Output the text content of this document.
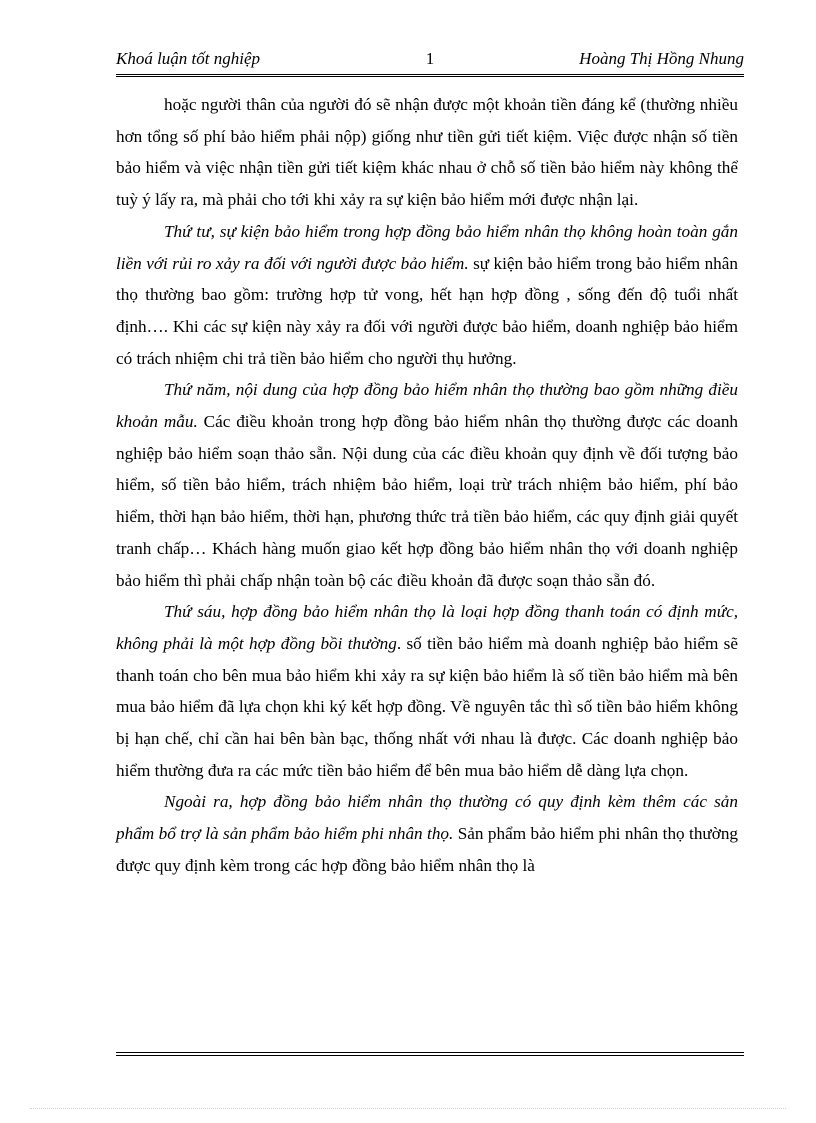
Khoá luận tốt nghiệp	1	Hoàng Thị Hồng Nhung

hoặc người thân của người đó sẽ nhận được một khoản tiền đáng kể (thường nhiều hơn tổng số phí bảo hiểm phải nộp) giống như tiền gửi tiết kiệm. Việc được nhận số tiền bảo hiểm và việc nhận tiền gửi tiết kiệm khác nhau ở chỗ số tiền bảo hiểm này không thể tuỳ ý lấy ra, mà phải cho tới khi xảy ra sự kiện bảo hiểm mới được nhận lại.

Thứ tư, sự kiện bảo hiểm trong hợp đồng bảo hiểm nhân thọ không hoàn toàn gắn liền với rủi ro xảy ra đối với người được bảo hiểm. sự kiện bảo hiểm trong bảo hiểm nhân thọ thường bao gồm: trường hợp tử vong, hết hạn hợp đồng , sống đến độ tuổi nhất định…. Khi các sự kiện này xảy ra đối với người được bảo hiểm, doanh nghiệp bảo hiểm có trách nhiệm chi trả tiền bảo hiểm cho người thụ hưởng.

Thứ năm, nội dung của hợp đồng bảo hiểm nhân thọ thường bao gồm những điều khoản mẫu. Các điều khoản trong hợp đồng bảo hiểm nhân thọ thường được các doanh nghiệp bảo hiểm soạn thảo sẵn. Nội dung của các điều khoản quy định về đối tượng bảo hiểm, số tiền bảo hiểm, trách nhiệm bảo hiểm, loại trừ trách nhiệm bảo hiểm, phí bảo hiểm, thời hạn bảo hiểm, thời hạn, phương thức trả tiền bảo hiểm, các quy định giải quyết tranh chấp… Khách hàng muốn giao kết hợp đồng bảo hiểm nhân thọ với doanh nghiệp bảo hiểm thì phải chấp nhận toàn bộ các điều khoản đã được soạn thảo sẵn đó.

Thứ sáu, hợp đồng bảo hiểm nhân thọ là loại hợp đồng thanh toán có định mức, không phải là một hợp đồng bồi thường. số tiền bảo hiểm mà doanh nghiệp bảo hiểm sẽ thanh toán cho bên mua bảo hiểm khi xảy ra sự kiện bảo hiểm là số tiền bảo hiểm mà bên mua bảo hiểm đã lựa chọn khi ký kết hợp đồng. Về nguyên tắc thì số tiền bảo hiểm không bị hạn chế, chỉ cần hai bên bàn bạc, thống nhất với nhau là được. Các doanh nghiệp bảo hiểm thường đưa ra các mức tiền bảo hiểm để bên mua bảo hiểm dễ dàng lựa chọn.

Ngoài ra, hợp đồng bảo hiểm nhân thọ thường có quy định kèm thêm các sản phẩm bổ trợ là sản phẩm bảo hiểm phi nhân thọ. Sản phẩm bảo hiểm phi nhân thọ thường được quy định kèm trong các hợp đồng bảo hiểm nhân thọ là
